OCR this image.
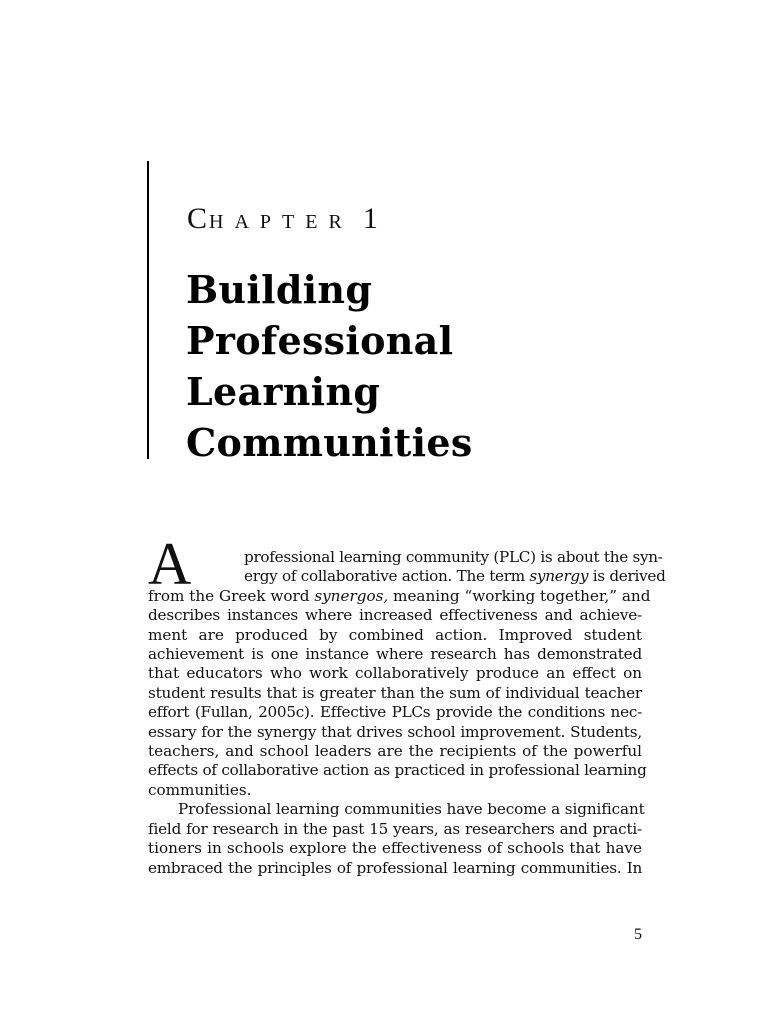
CHAPTER 1
Building
Professional
Learning
Communities
A	professional learning community (PLC) is about the syn-
ergy of collaborative action. The term synergy is derived
from the Greek word synergos, meaning “working together,” and
describes instances where increased effectiveness and achieve-
ment are produced by combined action. Improved student
achievement is one instance where research has demonstrated
that educators who work collaboratively produce an effect on
student results that is greater than the sum of individual teacher
effort (Fullan, 2005c). Effective PLCs provide the conditions nec-
essary for the synergy that drives school improvement. Students,
teachers, and school leaders are the recipients of the powerful
effects of collaborative action as practiced in professional learning
communities.
Professional learning communities have become a significant
field for research in the past 15 years, as researchers and practi-
tioners in schools explore the effectiveness of schools that have
embraced the principles of professional learning communities. In
5
